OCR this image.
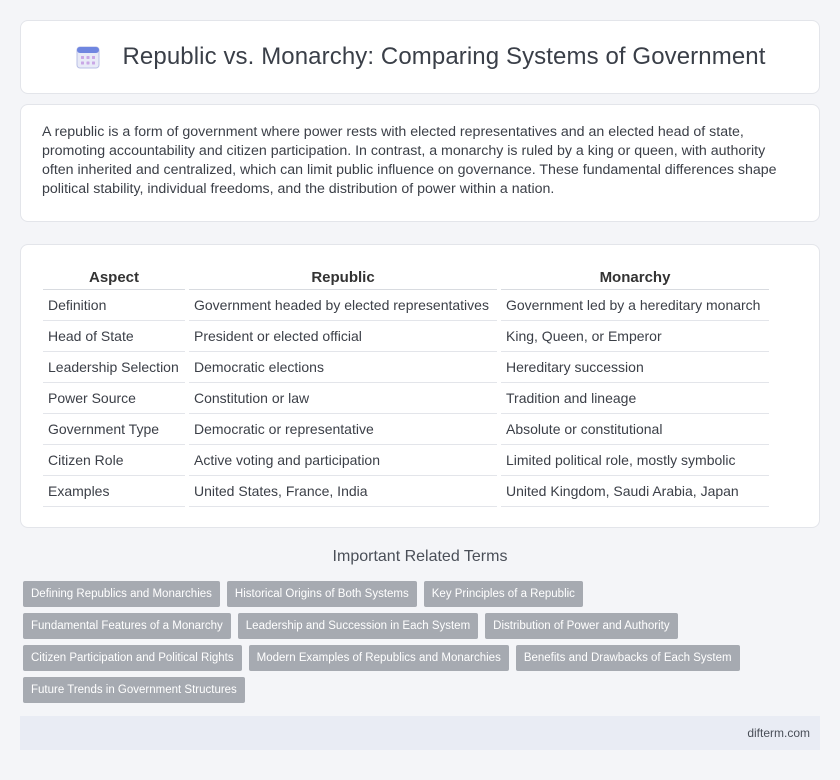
Republic vs. Monarchy: Comparing Systems of Government

A republic is a form of government where power rests with elected representatives and an elected head of state, promoting accountability and citizen participation. In contrast, a monarchy is ruled by a king or queen, with authority often inherited and centralized, which can limit public influence on governance. These fundamental differences shape political stability, individual freedoms, and the distribution of power within a nation.

Aspect	Republic	Monarchy
Definition	Government headed by elected representatives	Government led by a hereditary monarch
Head of State	President or elected official	King, Queen, or Emperor
Leadership Selection	Democratic elections	Hereditary succession
Power Source	Constitution or law	Tradition and lineage
Government Type	Democratic or representative	Absolute or constitutional
Citizen Role	Active voting and participation	Limited political role, mostly symbolic
Examples	United States, France, India	United Kingdom, Saudi Arabia, Japan
Important Related Terms
Defining Republics and Monarchies	Historical Origins of Both Systems	Key Principles of a Republic
Fundamental Features of a Monarchy	Leadership and Succession in Each System	Distribution of Power and Authority
Citizen Participation and Political Rights	Modern Examples of Republics and Monarchies	Benefits and Drawbacks of Each System
Future Trends in Government Structures
difterm.com
